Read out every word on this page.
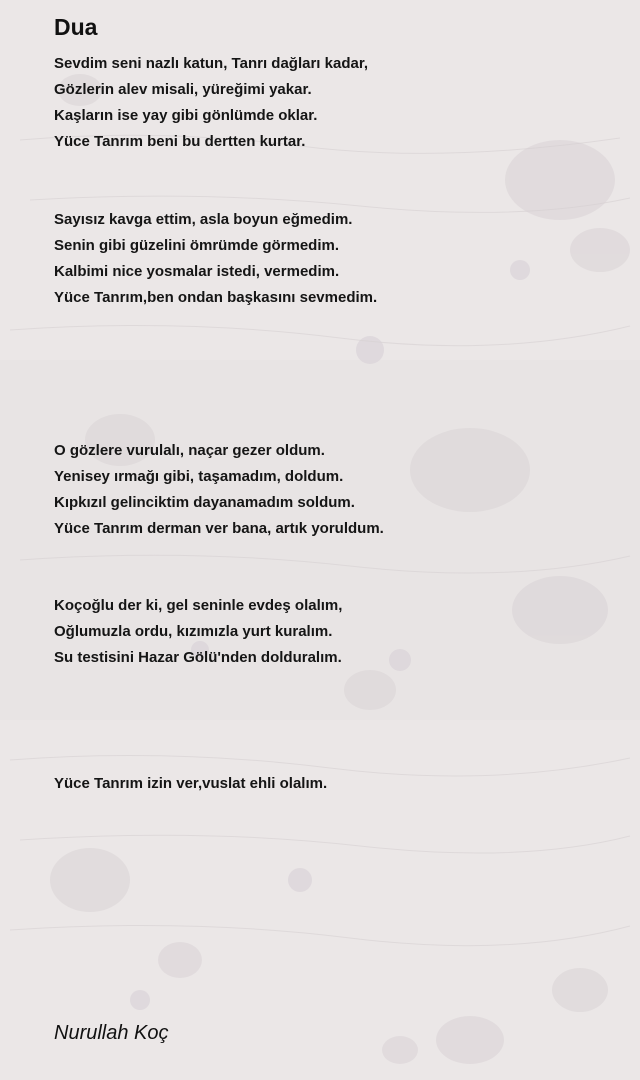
Dua
Sevdim seni nazlı katun, Tanrı dağları kadar,
Gözlerin alev misali, yüreğimi yakar.
Kaşların ise yay gibi gönlümde oklar.
Yüce Tanrım beni bu dertten kurtar.
Sayısız kavga ettim, asla boyun eğmedim.
Senin gibi güzelini ömrümde görmedim.
Kalbimi nice yosmalar istedi, vermedim.
Yüce Tanrım,ben ondan başkasını sevmedim.
O gözlere vurulalı, naçar gezer oldum.
Yenisey ırmağı gibi, taşamadım, doldum.
Kıpkızıl gelinciktim dayanamadım soldum.
Yüce Tanrım derman ver bana, artık yoruldum.
Koçoğlu der ki, gel seninle evdeş olalım,
Oğlumuzla ordu, kızımızla yurt kuralım.
Su testisini Hazar Gölü'nden dolduralım.
Yüce Tanrım izin ver,vuslat ehli olalım.
Nurullah Koç
